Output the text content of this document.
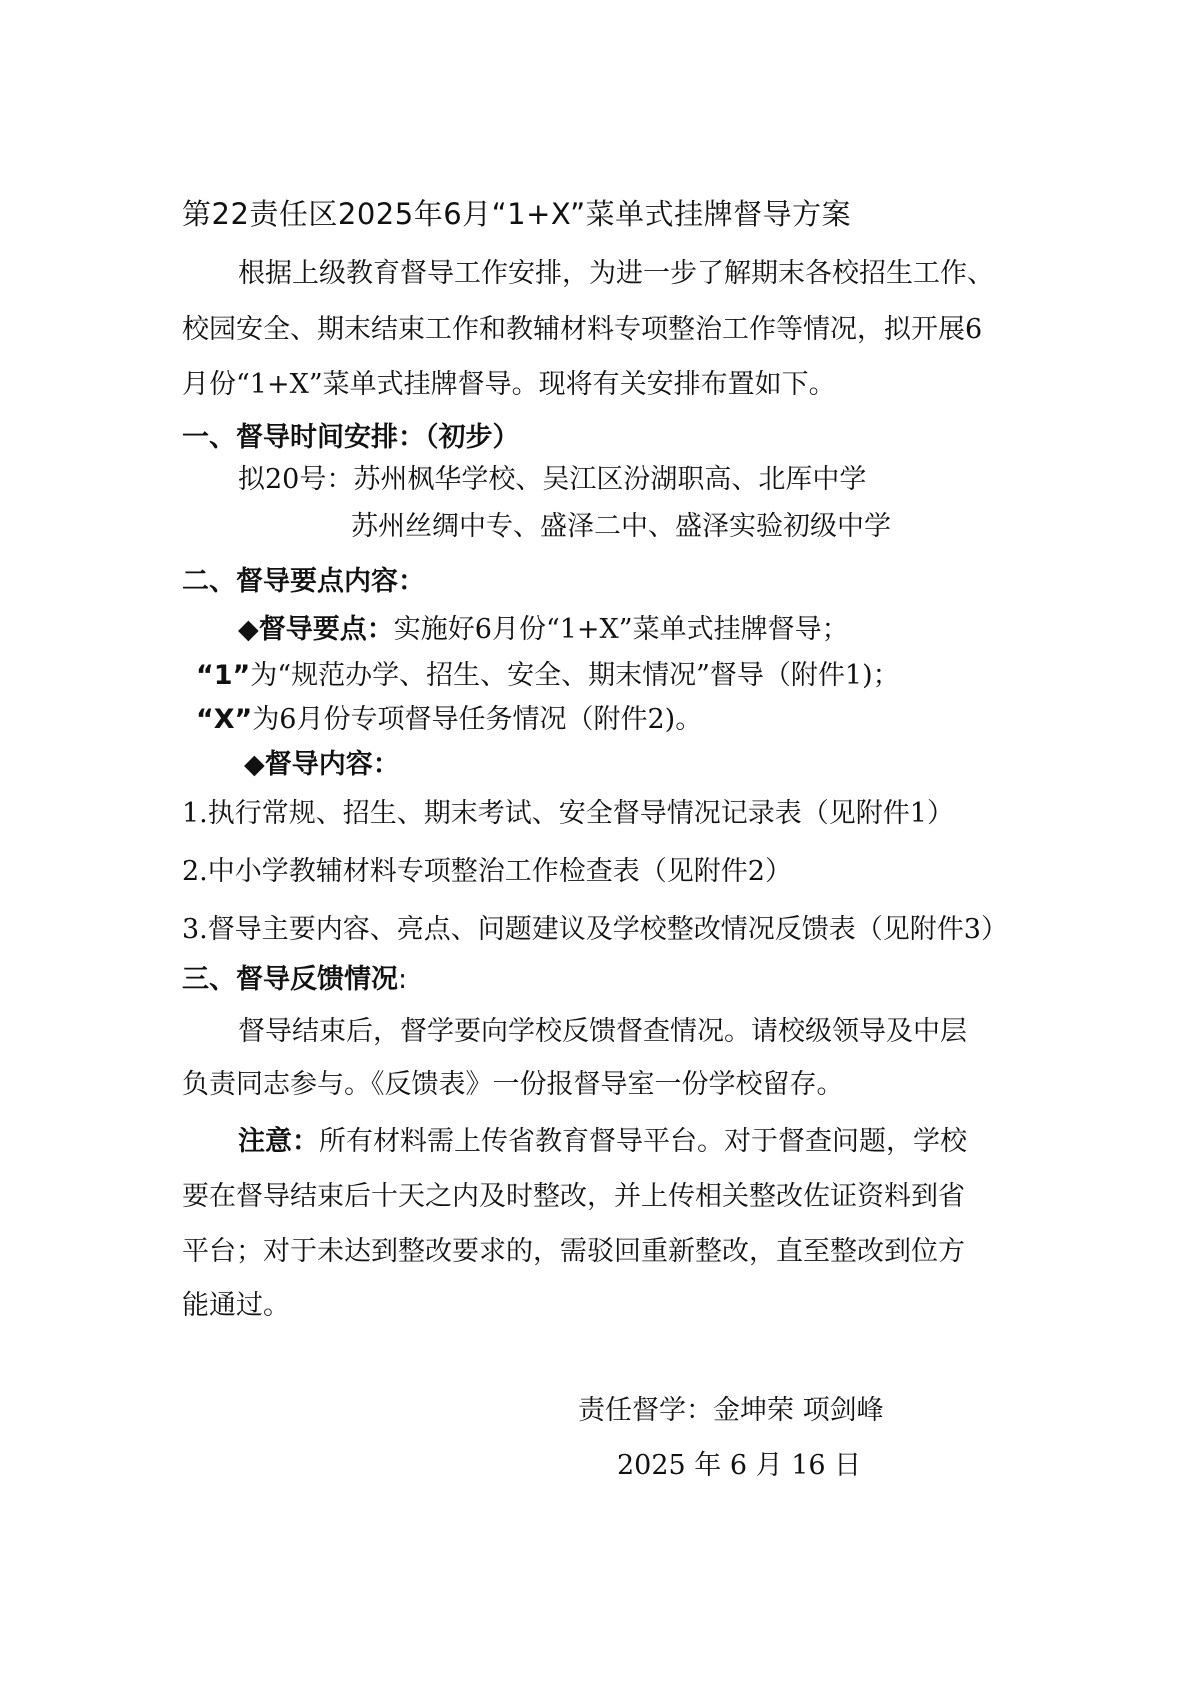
第22责任区2025年6月“1+X”菜单式挂牌督导方案
根据上级教育督导工作安排，为进一步了解期末各校招生工作、
校园安全、期末结束工作和教辅材料专项整治工作等情况，拟开展6
月份“1+X”菜单式挂牌督导。现将有关安排布置如下。
一、督导时间安排：（初步）
拟20号：苏州枫华学校、吴江区汾湖职高、北厍中学
苏州丝绸中专、盛泽二中、盛泽实验初级中学
二、督导要点内容：
◆督导要点：实施好6月份“1+X”菜单式挂牌督导；
“1”为“规范办学、招生、安全、期末情况”督导（附件1)；
“X”为6月份专项督导任务情况（附件2)。
◆督导内容：
1.执行常规、招生、期末考试、安全督导情况记录表（见附件1）
2.中小学教辅材料专项整治工作检查表（见附件2）
3.督导主要内容、亮点、问题建议及学校整改情况反馈表（见附件3）
三、督导反馈情况:
督导结束后，督学要向学校反馈督查情况。请校级领导及中层
负责同志参与。《反馈表》一份报督导室一份学校留存。
注意：所有材料需上传省教育督导平台。对于督查问题，学校
要在督导结束后十天之内及时整改，并上传相关整改佐证资料到省
平台；对于未达到整改要求的，需驳回重新整改，直至整改到位方
能通过。
责任督学：金坤荣 项剑峰
2025 年 6 月 16 日
